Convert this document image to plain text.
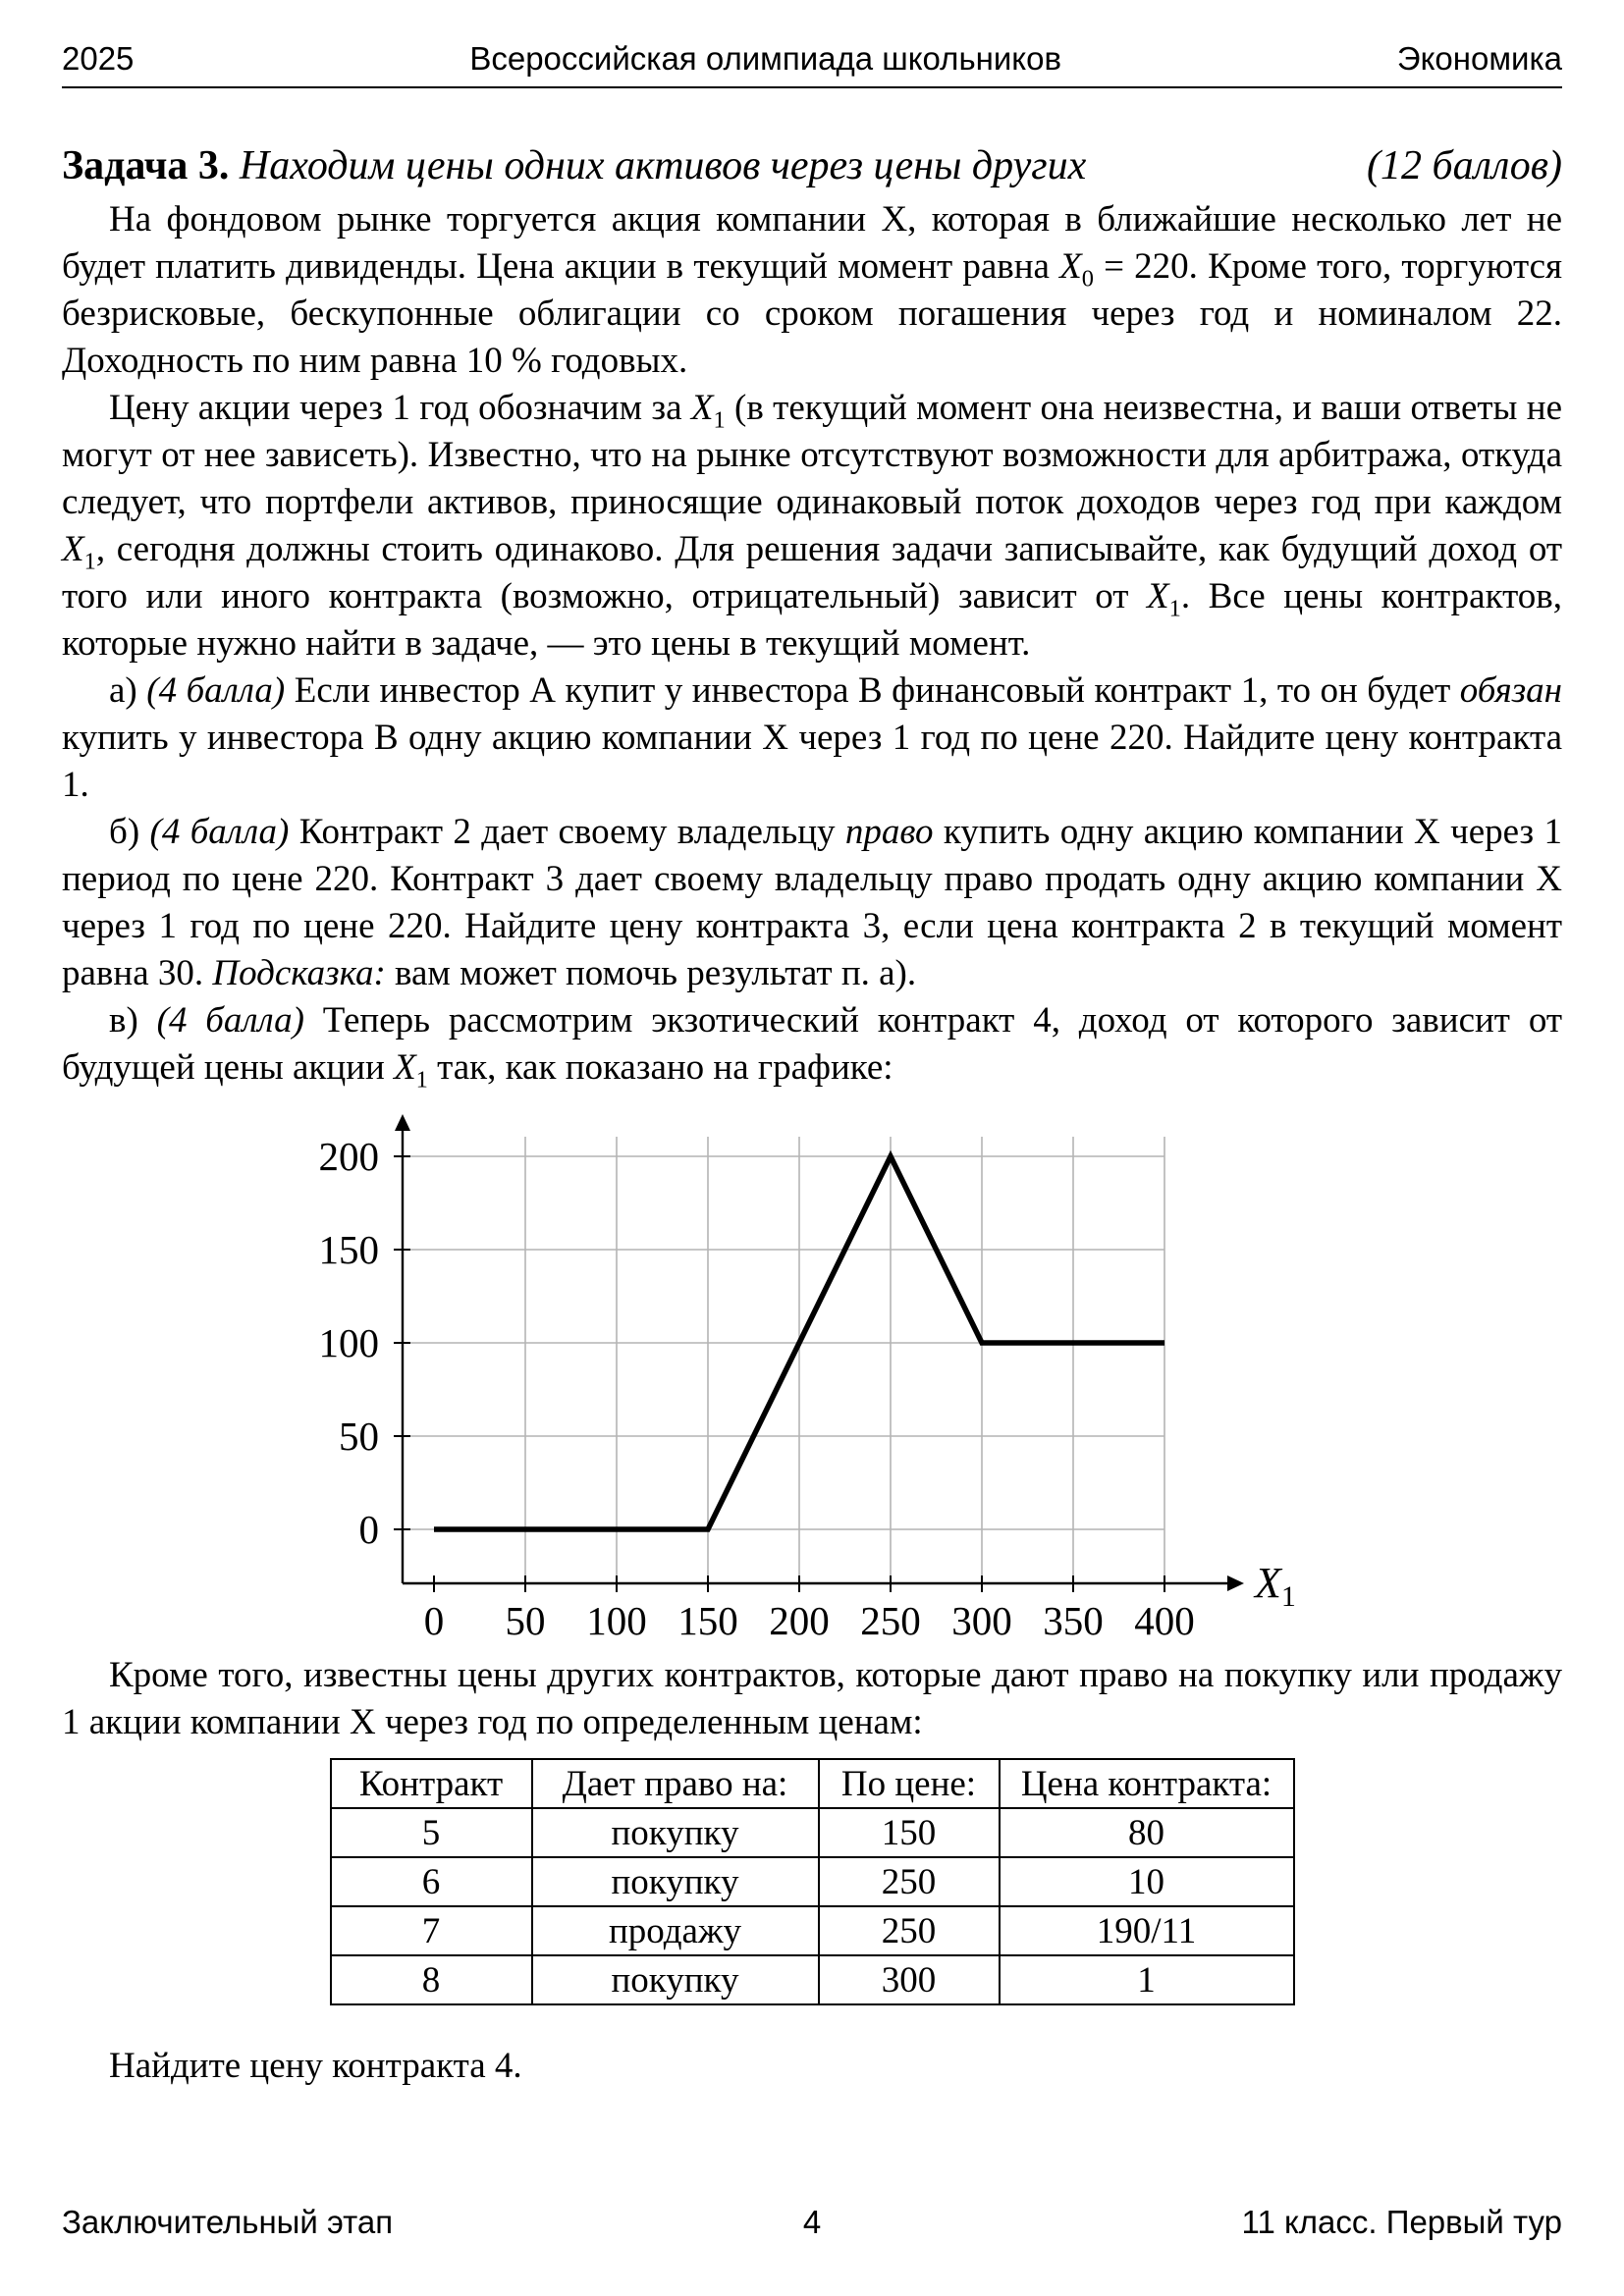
2025	Всероссийская олимпиада школьников	Экономика
Задача 3. Находим цены одних активов через цены других	(12 баллов)

На фондовом рынке торгуется акция компании X, которая в ближайшие несколько лет не будет платить дивиденды. Цена акции в текущий момент равна $X_0 = 220$. Кроме того, торгуются безрисковые, бескупонные облигации со сроком погашения через год и номиналом 22. Доходность по ним равна 10 % годовых.

Цену акции через 1 год обозначим за $X_1$ (в текущий момент она неизвестна, и ваши ответы не могут от нее зависеть). Известно, что на рынке отсутствуют возможности для арбитража, откуда следует, что портфели активов, приносящие одинаковый поток доходов через год при каждом $X_1$, сегодня должны стоить одинаково. Для решения задачи записывайте, как будущий доход от того или иного контракта (возможно, отрицательный) зависит от $X_1$. Все цены контрактов, которые нужно найти в задаче, — это цены в текущий момент.

а) (4 балла) Если инвестор А купит у инвестора В финансовый контракт 1, то он будет обязан купить у инвестора В одну акцию компании X через 1 год по цене 220. Найдите цену контракта 1.

б) (4 балла) Контракт 2 дает своему владельцу право купить одну акцию компании Х через 1 период по цене 220. Контракт 3 дает своему владельцу право продать одну акцию компании Х через 1 год по цене 220. Найдите цену контракта 3, если цена контракта 2 в текущий момент равна 30. Подсказка: вам может помочь результат п. а).

в) (4 балла) Теперь рассмотрим экзотический контракт 4, доход от которого зависит от будущей цены акции $X_1$ так, как показано на графике:

0 50 100 150 200 250 300 350 400
0
50
100
150
200
$X_1$

Кроме того, известны цены других контрактов, которые дают право на покупку или продажу 1 акции компании Х через год по определенным ценам:

Контракт	Дает право на:	По цене:	Цена контракта:
5	покупку	150	80
6	покупку	250	10
7	продажу	250	190/11
8	покупку	300	1

Найдите цену контракта 4.

Заключительный этап	4	11 класс. Первый тур
